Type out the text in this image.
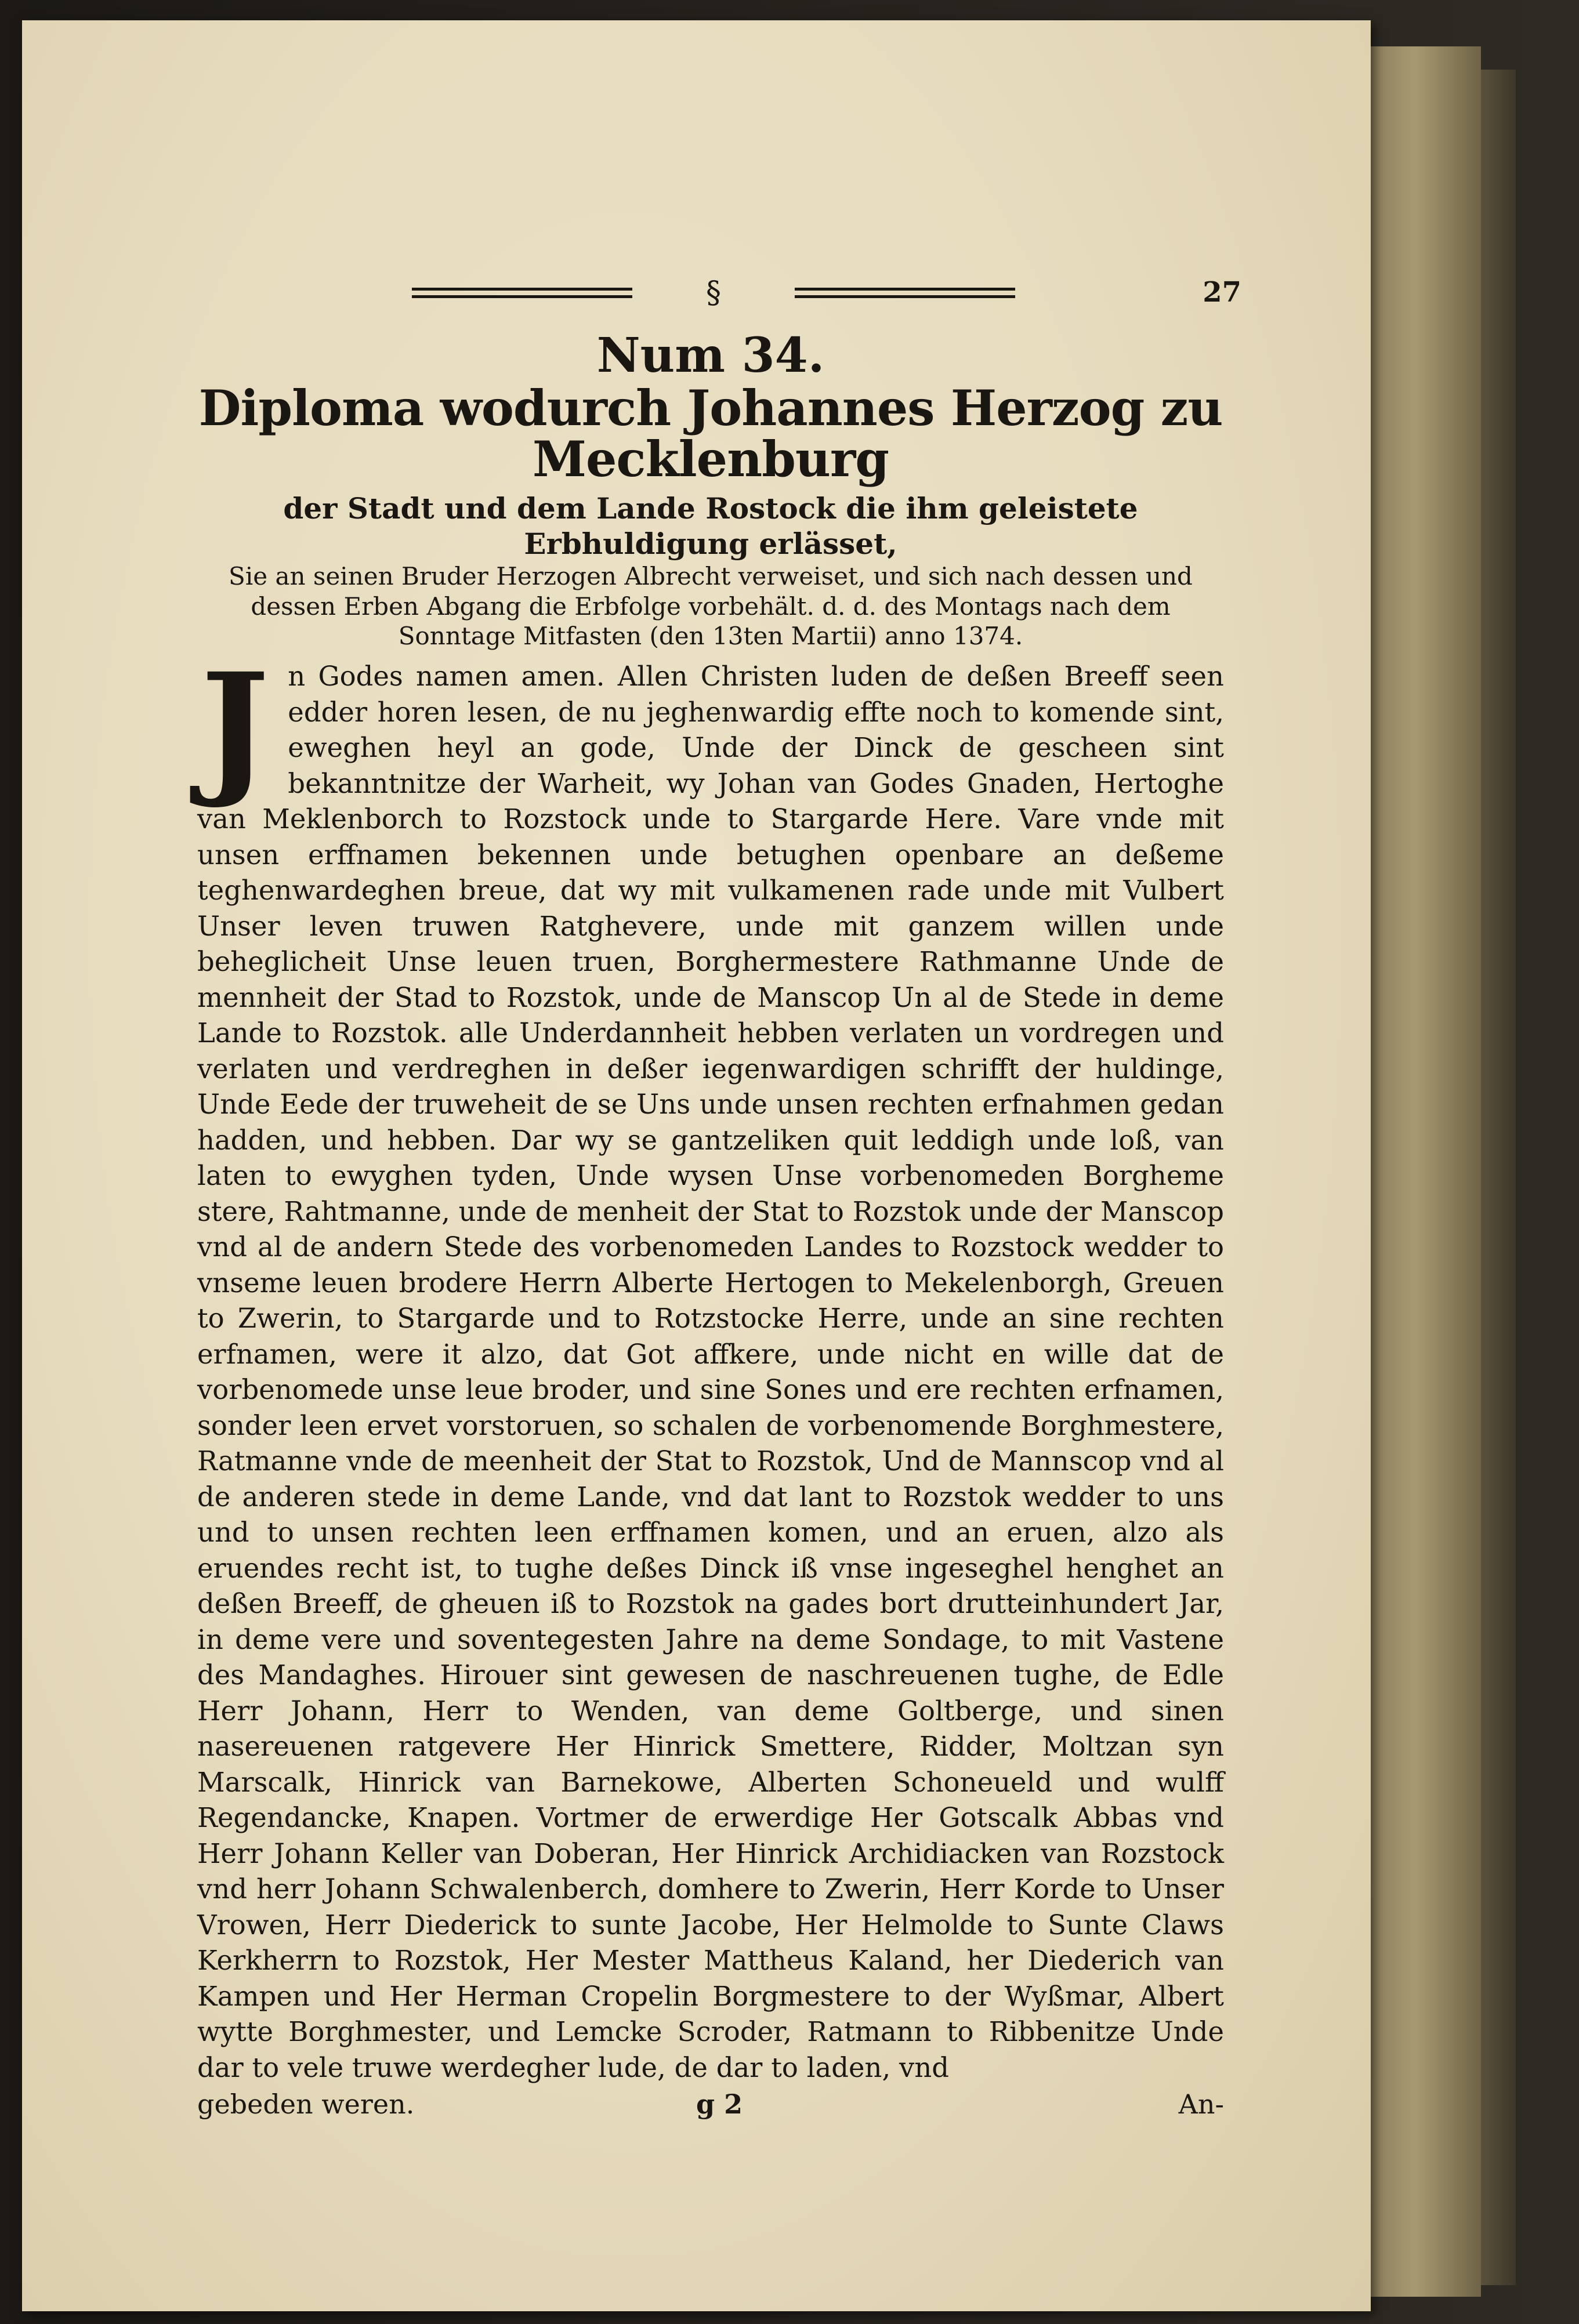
§	27
Num 34.
Diploma wodurch Johannes Herzog zu Mecklenburg
der Stadt und dem Lande Rostock die ihm geleistete Erbhuldigung erlässet,
Sie an seinen Bruder Herzogen Albrecht verweiset, und sich nach dessen und dessen Erben Abgang die Erbfolge vorbehält. d. d. des Montags nach dem Sonntage Mitfasten (den 13ten Martii) anno 1374.
J n Godes namen amen. Allen Christen luden de deßen Breeff seen edder horen lesen, de nu jeghenwardig effte noch to komende sint, eweghen heyl an gode, Unde der Dinck de gescheen sint bekanntnitze der Warheit, wy Johan van Godes Gnaden, Hertoghe van Meklenborch to Rozstock unde to Stargarde Here. Vare vnde mit unsen erffnamen bekennen unde betughen openbare an deßeme teghenwardeghen breue, dat wy mit vulkamenen rade unde mit Vulbert Unser leven truwen Ratghevere, unde mit ganzem willen unde beheglicheit Unse leuen truen, Borghermestere Rathmanne Unde de mennheit der Stad to Rozstok, unde de Manscop Un al de Stede in deme Lande to Rozstok. alle Underdannheit hebben verlaten un vordregen und verlaten und verdreghen in deßer iegenwardigen schrifft der huldinge, Unde Eede der truweheit de se Uns unde unsen rechten erfnahmen gedan hadden, und hebben. Dar wy se gantzeliken quit leddigh unde loß, van laten to ewyghen tyden, Unde wysen Unse vorbenomeden Borgheme stere, Rahtmanne, unde de menheit der Stat to Rozstok unde der Manscop vnd al de andern Stede des vorbenomeden Landes to Rozstock wedder to vnseme leuen brodere Herrn Alberte Hertogen to Mekelenborgh, Greuen to Zwerin, to Stargarde und to Rotzstocke Herre, unde an sine rechten erfnamen, were it alzo, dat Got affkere, unde nicht en wille dat de vorbenomede unse leue broder, und sine Sones und ere rechten erfnamen, sonder leen ervet vorstoruen, so schalen de vorbenomende Borghmestere, Ratmanne vnde de meenheit der Stat to Rozstok, Und de Mannscop vnd al de anderen stede in deme Lande, vnd dat lant to Rozstok wedder to uns und to unsen rechten leen erffnamen komen, und an eruen, alzo als eruendes recht ist, to tughe deßes Dinck iß vnse ingeseghel henghet an deßen Breeff, de gheuen iß to Rozstok na gades bort drutteinhundert Jar, in deme vere und soventegesten Jahre na deme Sondage, to mit Vastene des Mandaghes. Hirouer sint gewesen de naschreuenen tughe, de Edle Herr Johann, Herr to Wenden, van deme Goltberge, und sinen nasereuenen ratgevere Her Hinrick Smettere, Ridder, Moltzan syn Marscalk, Hinrick van Barnekowe, Alberten Schoneueld und wulff Regendancke, Knapen. Vortmer de erwerdige Her Gotscalk Abbas vnd Herr Johann Keller van Doberan, Her Hinrick Archidiacken van Rozstock vnd herr Johann Schwalenberch, domhere to Zwerin, Herr Korde to Unser Vrowen, Herr Diederick to sunte Jacobe, Her Helmolde to Sunte Claws Kerkherrn to Rozstok, Her Mester Mattheus Kaland, her Diederich van Kampen und Her Herman Cropelin Borgmestere to der Wyßmar, Albert wytte Borghmester, und Lemcke Scroder, Ratmann to Ribbenitze Unde dar to vele truwe werdegher lude, de dar to laden, vnd
gebeden weren.	g 2	An-
